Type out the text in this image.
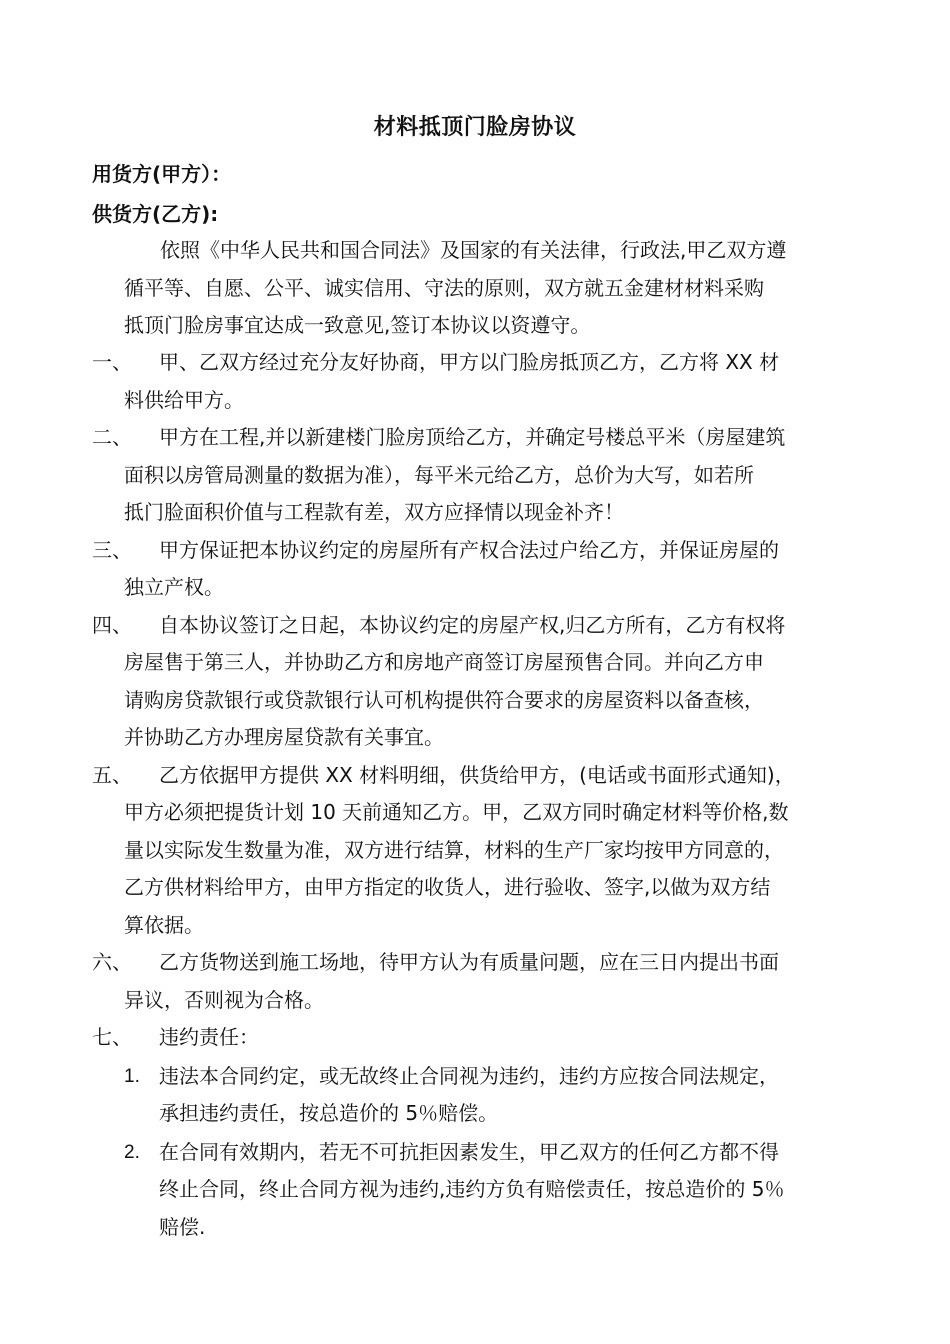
材料抵顶门脸房协议
用货方(甲方）：
供货方(乙方):
依照《中华人民共和国合同法》及国家的有关法律，行政法,甲乙双方遵
循平等、自愿、公平、诚实信用、守法的原则，双方就五金建材材料采购
抵顶门脸房事宜达成一致意见,签订本协议以资遵守。
一、	甲、乙双方经过充分友好协商，甲方以门脸房抵顶乙方，乙方将 XX 材
料供给甲方。
二、	甲方在工程,并以新建楼门脸房顶给乙方，并确定号楼总平米（房屋建筑
面积以房管局测量的数据为准），每平米元给乙方，总价为大写，如若所
抵门脸面积价值与工程款有差，双方应择情以现金补齐！
三、	甲方保证把本协议约定的房屋所有产权合法过户给乙方，并保证房屋的
独立产权。
四、	自本协议签订之日起，本协议约定的房屋产权,归乙方所有，乙方有权将
房屋售于第三人，并协助乙方和房地产商签订房屋预售合同。并向乙方申
请购房贷款银行或贷款银行认可机构提供符合要求的房屋资料以备查核，
并协助乙方办理房屋贷款有关事宜。
五、	乙方依据甲方提供 XX 材料明细，供货给甲方，(电话或书面形式通知)，
甲方必须把提货计划 10 天前通知乙方。甲，乙双方同时确定材料等价格,数
量以实际发生数量为准，双方进行结算，材料的生产厂家均按甲方同意的，
乙方供材料给甲方，由甲方指定的收货人，进行验收、签字,以做为双方结
算依据。
六、	乙方货物送到施工场地，待甲方认为有质量问题，应在三日内提出书面
异议，否则视为合格。
七、	违约责任：
1. 违法本合同约定，或无故终止合同视为违约，违约方应按合同法规定，
承担违约责任，按总造价的 5％赔偿。
2. 在合同有效期内，若无不可抗拒因素发生，甲乙双方的任何乙方都不得
终止合同，终止合同方视为违约,违约方负有赔偿责任，按总造价的 5％
赔偿.
